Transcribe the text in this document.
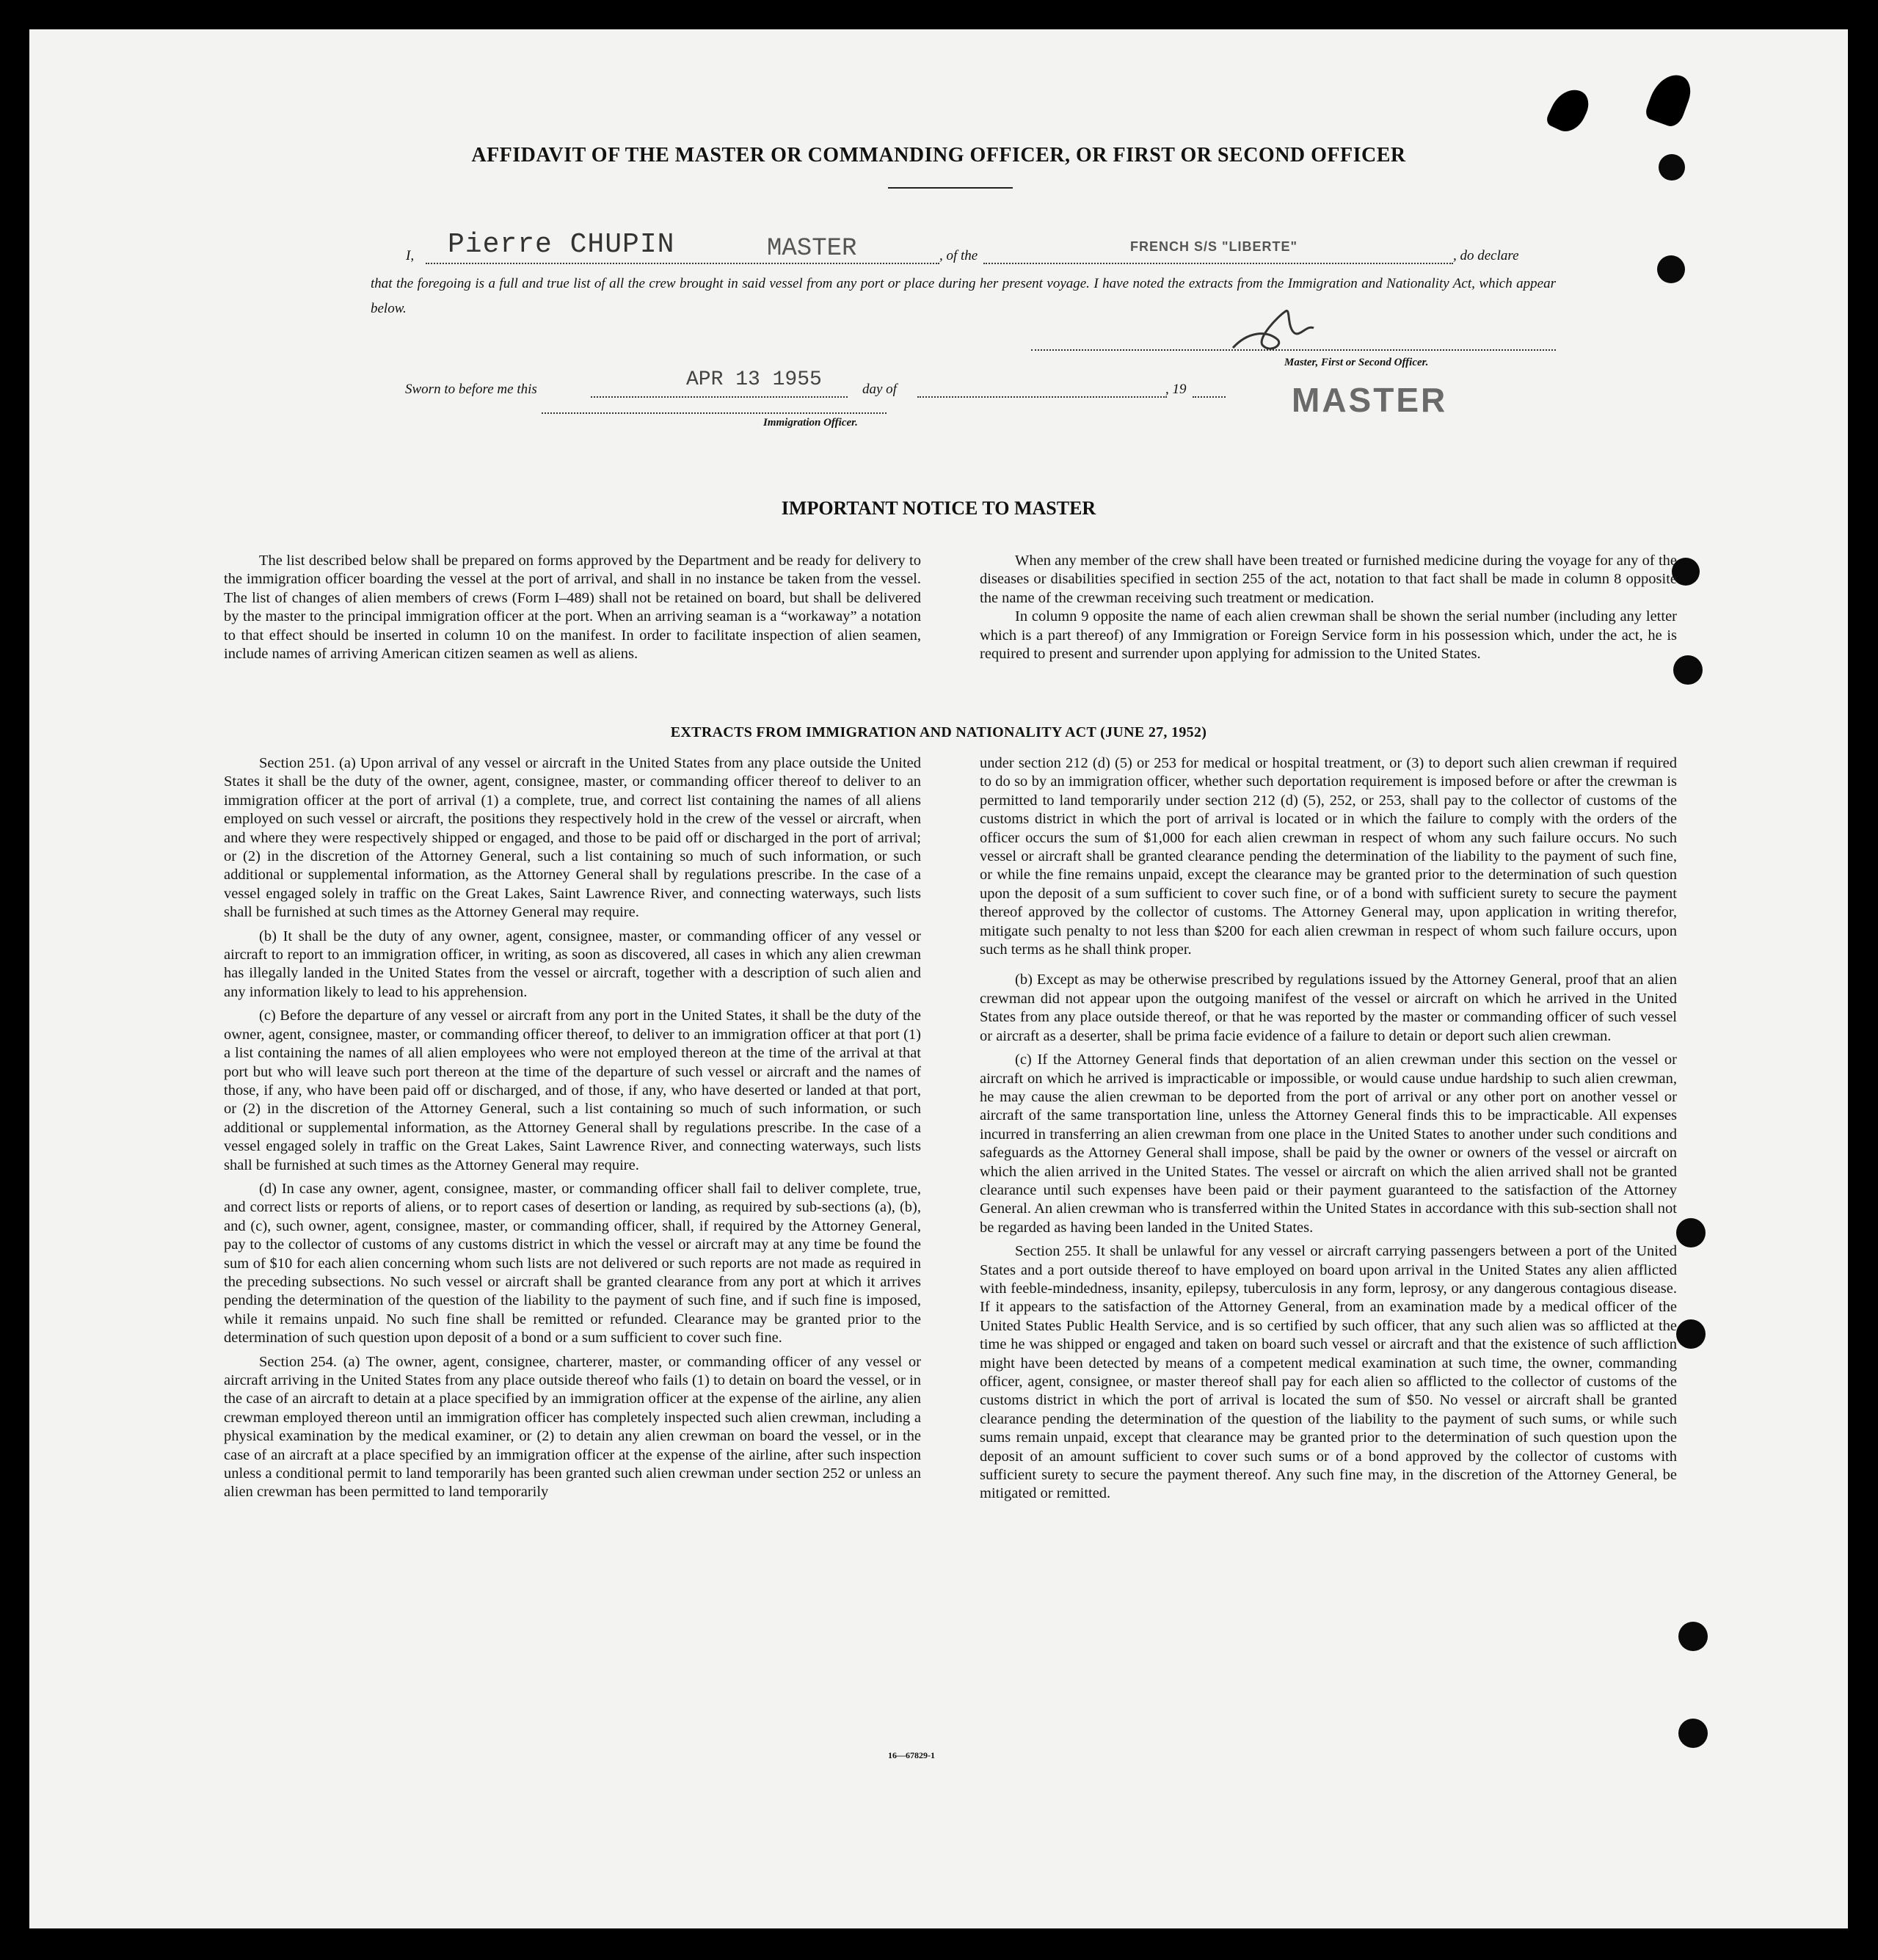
AFFIDAVIT OF THE MASTER OR COMMANDING OFFICER, OR FIRST OR SECOND OFFICER
I, Pierre CHUPIN	MASTER	, of the
FRENCH S/S "LIBERTE"
, do declare
that the foregoing is a full and true list of all the crew brought in said vessel from any port or place during her present voyage. I have noted the extracts from the Immigration and Nationality Act, which appear below.
Master, First or Second Officer.
MASTER
Sworn to before me this	APR 13 1955	day of	, 19
Immigration Officer.
IMPORTANT NOTICE TO MASTER

The list described below shall be prepared on forms approved by the Department and be ready for delivery to the immigration officer boarding the vessel at the port of arrival, and shall in no instance be taken from the vessel. The list of changes of alien members of crews (Form I–489) shall not be retained on board, but shall be delivered by the master to the principal immigration officer at the port. When an arriving seaman is a “workaway” a notation to that effect should be inserted in column 10 on the manifest. In order to facilitate inspection of alien seamen, include names of arriving American citizen seamen as well as aliens.

When any member of the crew shall have been treated or furnished medicine during the voyage for any of the diseases or disabilities specified in section 255 of the act, notation to that fact shall be made in column 8 opposite the name of the crewman receiving such treatment or medication.

In column 9 opposite the name of each alien crewman shall be shown the serial number (including any letter which is a part thereof) of any Immigration or Foreign Service form in his possession which, under the act, he is required to present and surrender upon applying for admission to the United States.

EXTRACTS FROM IMMIGRATION AND NATIONALITY ACT (JUNE 27, 1952)

Section 251. (a) Upon arrival of any vessel or aircraft in the United States from any place outside the United States it shall be the duty of the owner, agent, consignee, master, or commanding officer thereof to deliver to an immigration officer at the port of arrival (1) a complete, true, and correct list containing the names of all aliens employed on such vessel or aircraft, the positions they respectively hold in the crew of the vessel or aircraft, when and where they were respectively shipped or engaged, and those to be paid off or discharged in the port of arrival; or (2) in the discretion of the Attorney General, such a list containing so much of such information, or such additional or supplemental information, as the Attorney General shall by regulations prescribe. In the case of a vessel engaged solely in traffic on the Great Lakes, Saint Lawrence River, and connecting waterways, such lists shall be furnished at such times as the Attorney General may require.

(b) It shall be the duty of any owner, agent, consignee, master, or commanding officer of any vessel or aircraft to report to an immigration officer, in writing, as soon as discovered, all cases in which any alien crewman has illegally landed in the United States from the vessel or aircraft, together with a description of such alien and any information likely to lead to his apprehension.

(c) Before the departure of any vessel or aircraft from any port in the United States, it shall be the duty of the owner, agent, consignee, master, or commanding officer thereof, to deliver to an immigration officer at that port (1) a list containing the names of all alien employees who were not employed thereon at the time of the arrival at that port but who will leave such port thereon at the time of the departure of such vessel or aircraft and the names of those, if any, who have been paid off or discharged, and of those, if any, who have deserted or landed at that port, or (2) in the discretion of the Attorney General, such a list containing so much of such information, or such additional or supplemental information, as the Attorney General shall by regulations prescribe. In the case of a vessel engaged solely in traffic on the Great Lakes, Saint Lawrence River, and connecting waterways, such lists shall be furnished at such times as the Attorney General may require.

(d) In case any owner, agent, consignee, master, or commanding officer shall fail to deliver complete, true, and correct lists or reports of aliens, or to report cases of desertion or landing, as required by sub-sections (a), (b), and (c), such owner, agent, consignee, master, or commanding officer, shall, if required by the Attorney General, pay to the collector of customs of any customs district in which the vessel or aircraft may at any time be found the sum of $10 for each alien concerning whom such lists are not delivered or such reports are not made as required in the preceding subsections. No such vessel or aircraft shall be granted clearance from any port at which it arrives pending the determination of the question of the liability to the payment of such fine, and if such fine is imposed, while it remains unpaid. No such fine shall be remitted or refunded. Clearance may be granted prior to the determination of such question upon deposit of a bond or a sum sufficient to cover such fine.

Section 254. (a) The owner, agent, consignee, charterer, master, or commanding officer of any vessel or aircraft arriving in the United States from any place outside thereof who fails (1) to detain on board the vessel, or in the case of an aircraft to detain at a place specified by an immigration officer at the expense of the airline, any alien crewman employed thereon until an immigration officer has completely inspected such alien crewman, including a physical examination by the medical examiner, or (2) to detain any alien crewman on board the vessel, or in the case of an aircraft at a place specified by an immigration officer at the expense of the airline, after such inspection unless a conditional permit to land temporarily has been granted such alien crewman under section 252 or unless an alien crewman has been permitted to land temporarily

under section 212 (d) (5) or 253 for medical or hospital treatment, or (3) to deport such alien crewman if required to do so by an immigration officer, whether such deportation requirement is imposed before or after the crewman is permitted to land temporarily under section 212 (d) (5), 252, or 253, shall pay to the collector of customs of the customs district in which the port of arrival is located or in which the failure to comply with the orders of the officer occurs the sum of $1,000 for each alien crewman in respect of whom any such failure occurs. No such vessel or aircraft shall be granted clearance pending the determination of the liability to the payment of such fine, or while the fine remains unpaid, except the clearance may be granted prior to the determination of such question upon the deposit of a sum sufficient to cover such fine, or of a bond with sufficient surety to secure the payment thereof approved by the collector of customs. The Attorney General may, upon application in writing therefor, mitigate such penalty to not less than $200 for each alien crewman in respect of whom such failure occurs, upon such terms as he shall think proper.

(b) Except as may be otherwise prescribed by regulations issued by the Attorney General, proof that an alien crewman did not appear upon the outgoing manifest of the vessel or aircraft on which he arrived in the United States from any place outside thereof, or that he was reported by the master or commanding officer of such vessel or aircraft as a deserter, shall be prima facie evidence of a failure to detain or deport such alien crewman.

(c) If the Attorney General finds that deportation of an alien crewman under this section on the vessel or aircraft on which he arrived is impracticable or impossible, or would cause undue hardship to such alien crewman, he may cause the alien crewman to be deported from the port of arrival or any other port on another vessel or aircraft of the same transportation line, unless the Attorney General finds this to be impracticable. All expenses incurred in transferring an alien crewman from one place in the United States to another under such conditions and safeguards as the Attorney General shall impose, shall be paid by the owner or owners of the vessel or aircraft on which the alien arrived in the United States. The vessel or aircraft on which the alien arrived shall not be granted clearance until such expenses have been paid or their payment guaranteed to the satisfaction of the Attorney General. An alien crewman who is transferred within the United States in accordance with this sub-section shall not be regarded as having been landed in the United States.

Section 255. It shall be unlawful for any vessel or aircraft carrying passengers between a port of the United States and a port outside thereof to have employed on board upon arrival in the United States any alien afflicted with feeble-mindedness, insanity, epilepsy, tuberculosis in any form, leprosy, or any dangerous contagious disease. If it appears to the satisfaction of the Attorney General, from an examination made by a medical officer of the United States Public Health Service, and is so certified by such officer, that any such alien was so afflicted at the time he was shipped or engaged and taken on board such vessel or aircraft and that the existence of such affliction might have been detected by means of a competent medical examination at such time, the owner, commanding officer, agent, consignee, or master thereof shall pay for each alien so afflicted to the collector of customs of the customs district in which the port of arrival is located the sum of $50. No vessel or aircraft shall be granted clearance pending the determination of the question of the liability to the payment of such sums, or while such sums remain unpaid, except that clearance may be granted prior to the determination of such question upon the deposit of an amount sufficient to cover such sums or of a bond approved by the collector of customs with sufficient surety to secure the payment thereof. Any such fine may, in the discretion of the Attorney General, be mitigated or remitted.

16—67829-1
